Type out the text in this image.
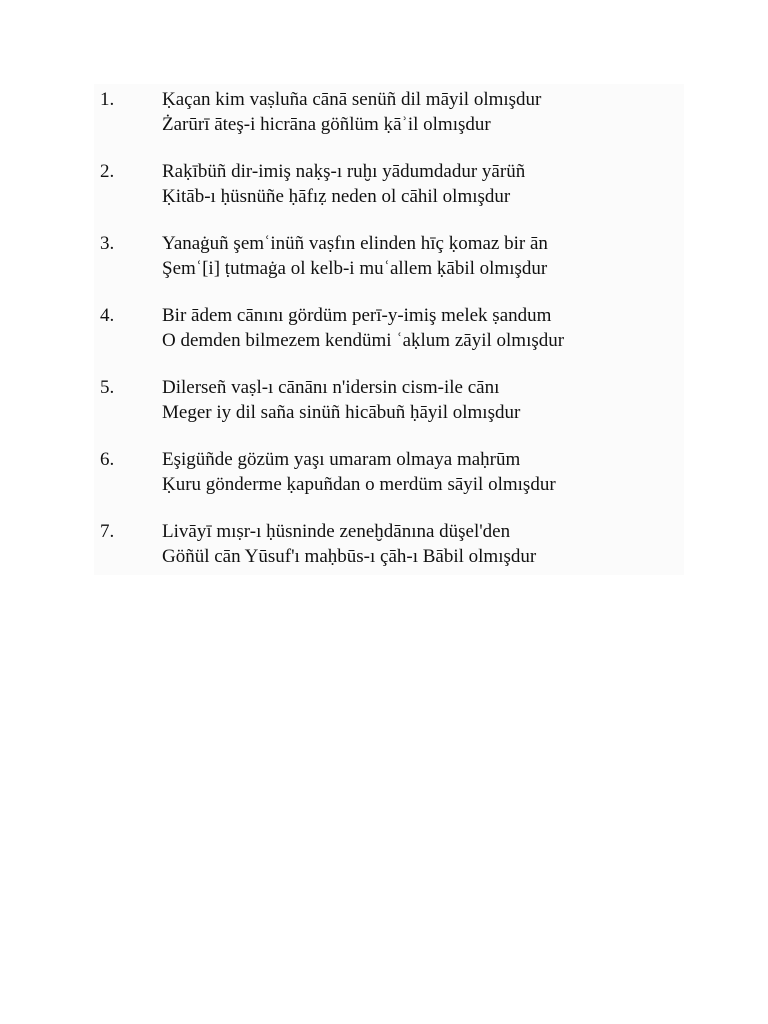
1.	Ḳaçan kim vaṣluña cānā senüñ dil māyil olmışdur
Żarūrī āteş-i hicrāna göñlüm ḳāʾil olmışdur
2.	Raḳībüñ dir-imiş naḳş-ı ruḫı yādumdadur yārüñ
Ḳitāb-ı ḥüsnüñe ḥāfıẓ neden ol cāhil olmışdur
3.	Yanaġuñ şemʿinüñ vaṣfın elinden hīç ḳomaz bir ān
Şemʿ[i] ṭutmaġa ol kelb-i muʿallem ḳābil olmışdur
4.	Bir ādem cānını gördüm perī-y-imiş melek ṣandum
O demden bilmezem kendümi ʿaḳlum zāyil olmışdur
5.	Dilerseñ vaṣl-ı cānānı n'idersin cism-ile cānı
Meger iy dil saña sinüñ hicābuñ ḥāyil olmışdur
6.	Eşigüñde gözüm yaşı umaram olmaya maḥrūm
Ḳuru gönderme ḳapuñdan o merdüm sāyil olmışdur
7.	Livāyī mıṣr-ı ḥüsninde zeneḫdānına düşel'den
Göñül cān Yūsuf'ı maḥbūs-ı çāh-ı Bābil olmışdur
